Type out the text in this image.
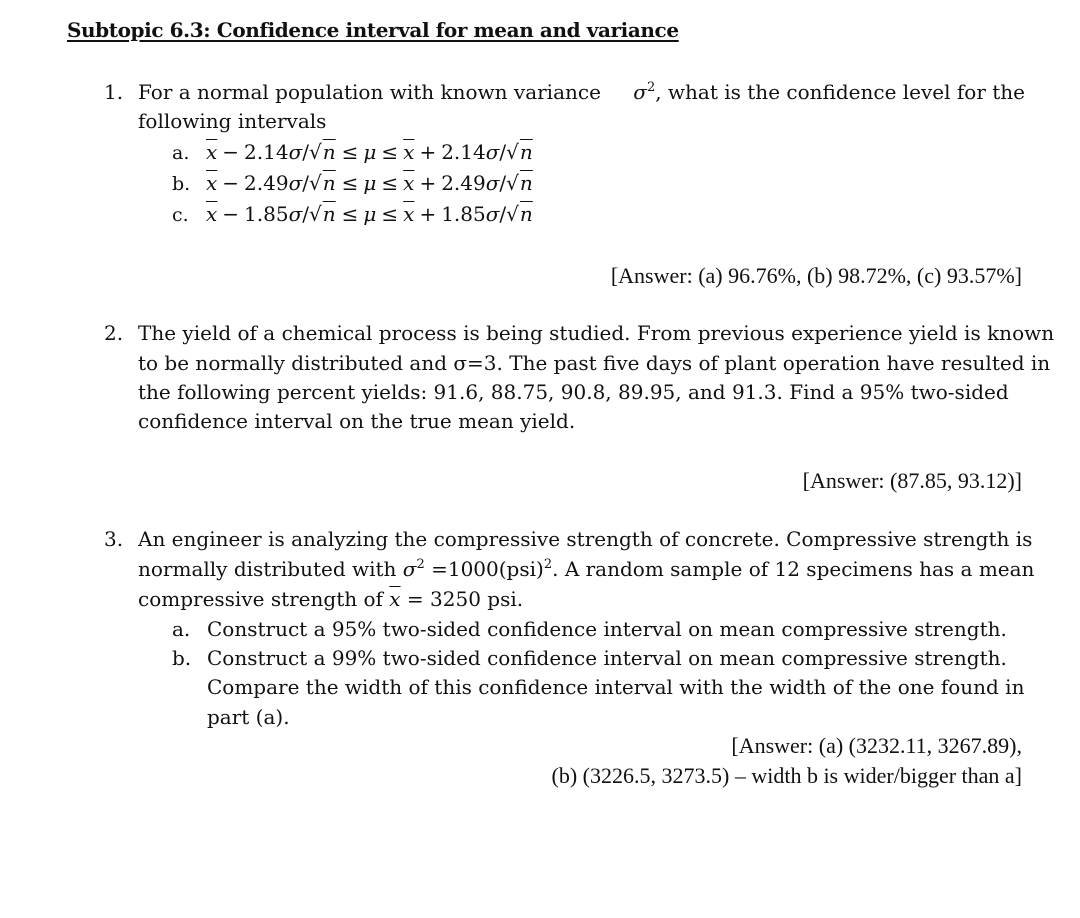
Subtopic 6.3: Confidence interval for mean and variance
1. For a normal population with known variance $\sigma^2$, what is the confidence level for the
following intervals
a. $\overline{x} - 2.14\sigma/√n \le \mu \le \overline{x} + 2.14\sigma/√n$
b. $\overline{x} - 2.49\sigma/√n \le \mu \le \overline{x} + 2.49\sigma/√n$
c. $\overline{x} - 1.85\sigma/√n \le \mu \le \overline{x} + 1.85\sigma/√n$
[Answer: (a) 96.76%, (b) 98.72%, (c) 93.57%]
2. The yield of a chemical process is being studied. From previous experience yield is known
to be normally distributed and σ=3. The past five days of plant operation have resulted in
the following percent yields: 91.6, 88.75, 90.8, 89.95, and 91.3. Find a 95% two-sided
confidence interval on the true mean yield.
[Answer: (87.85, 93.12)]
3. An engineer is analyzing the compressive strength of concrete. Compressive strength is
normally distributed with $\sigma^2 =1000(psi)^2$. A random sample of 12 specimens has a mean
compressive strength of $\overline{x} = 3250$ psi.
a. Construct a 95% two-sided confidence interval on mean compressive strength.
b. Construct a 99% two-sided confidence interval on mean compressive strength.
Compare the width of this confidence interval with the width of the one found in
part (a).
[Answer: (a) (3232.11, 3267.89),
(b) (3226.5, 3273.5) – width b is wider/bigger than a]
